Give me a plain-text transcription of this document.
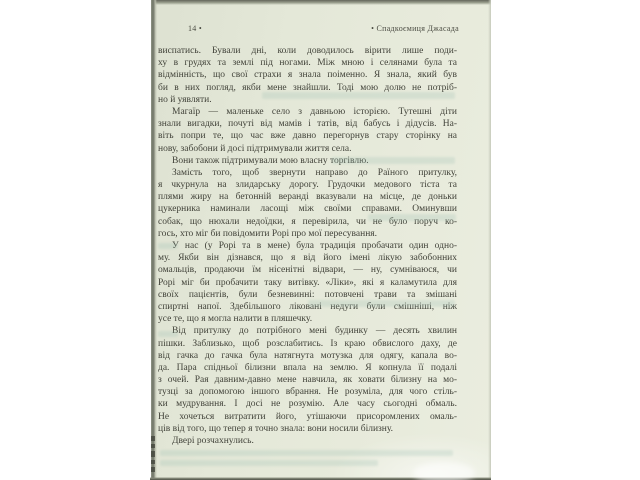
14 •	• Спадкоємиця Джасада
виспатись. Бували дні, коли доводилось вірити лише поди-
ху в грудях та землі під ногами. Між мною і селянами була та
відмінність, що свої страхи я знала поіменно. Я знала, який був
би в них погляд, якби мене знайшли. Тоді мою долю не потріб-
но й уявляти.
Магаїр — маленьке село з давньою історією. Тутешні діти
знали вигадки, почуті від мамів і татів, від бабусь і дідусів. На-
віть попри те, що час вже давно перегорнув стару сторінку на
нову, забобони й досі підтримували життя села.
Вони також підтримували мою власну торгівлю.
Замість того, щоб звернути направо до Раїного притулку,
я чкурнула на злидарську дорогу. Грудочки медового тіста та
плями жиру на бетонній веранді вказували на місце, де доньки
цукерника наминали ласощі між своїми справами. Оминувши
собак, що нюхали недоїдки, я перевірила, чи не було поруч ко-
гось, хто міг би повідомити Рорі про мої пересування.
У нас (у Рорі та в мене) була традиція пробачати один одно-
му. Якби він дізнався, що я від його імені лікую забобонних
омальців, продаючи їм нісенітні відвари, — ну, сумніваюся, чи
Рорі міг би пробачити таку витівку. «Ліки», які я каламутила для
своїх пацієнтів, були безневинні: потовчені трави та змішані
спиртні напої. Здебільшого ліковані недуги були смішніші, ніж
усе те, що я могла налити в пляшечку.
Від притулку до потрібного мені будинку — десять хвилин
пішки. Заблизько, щоб розслабитись. Із краю обвислого даху, де
від гачка до гачка була натягнута мотузка для одягу, капала во-
да. Пара спідньої білизни впала на землю. Я копнула її подалі
з очей. Рая давним-давно мене навчила, як ховати білизну на мо-
тузці за допомогою іншого вбрання. Не розуміла, для чого стіль-
ки мудрування. І досі не розумію. Але часу сьогодні обмаль.
Не хочеться витратити його, утішаючи присоромлених омаль-
ців від того, що тепер я точно знала: вони носили білизну.
Двері розчахнулись.
